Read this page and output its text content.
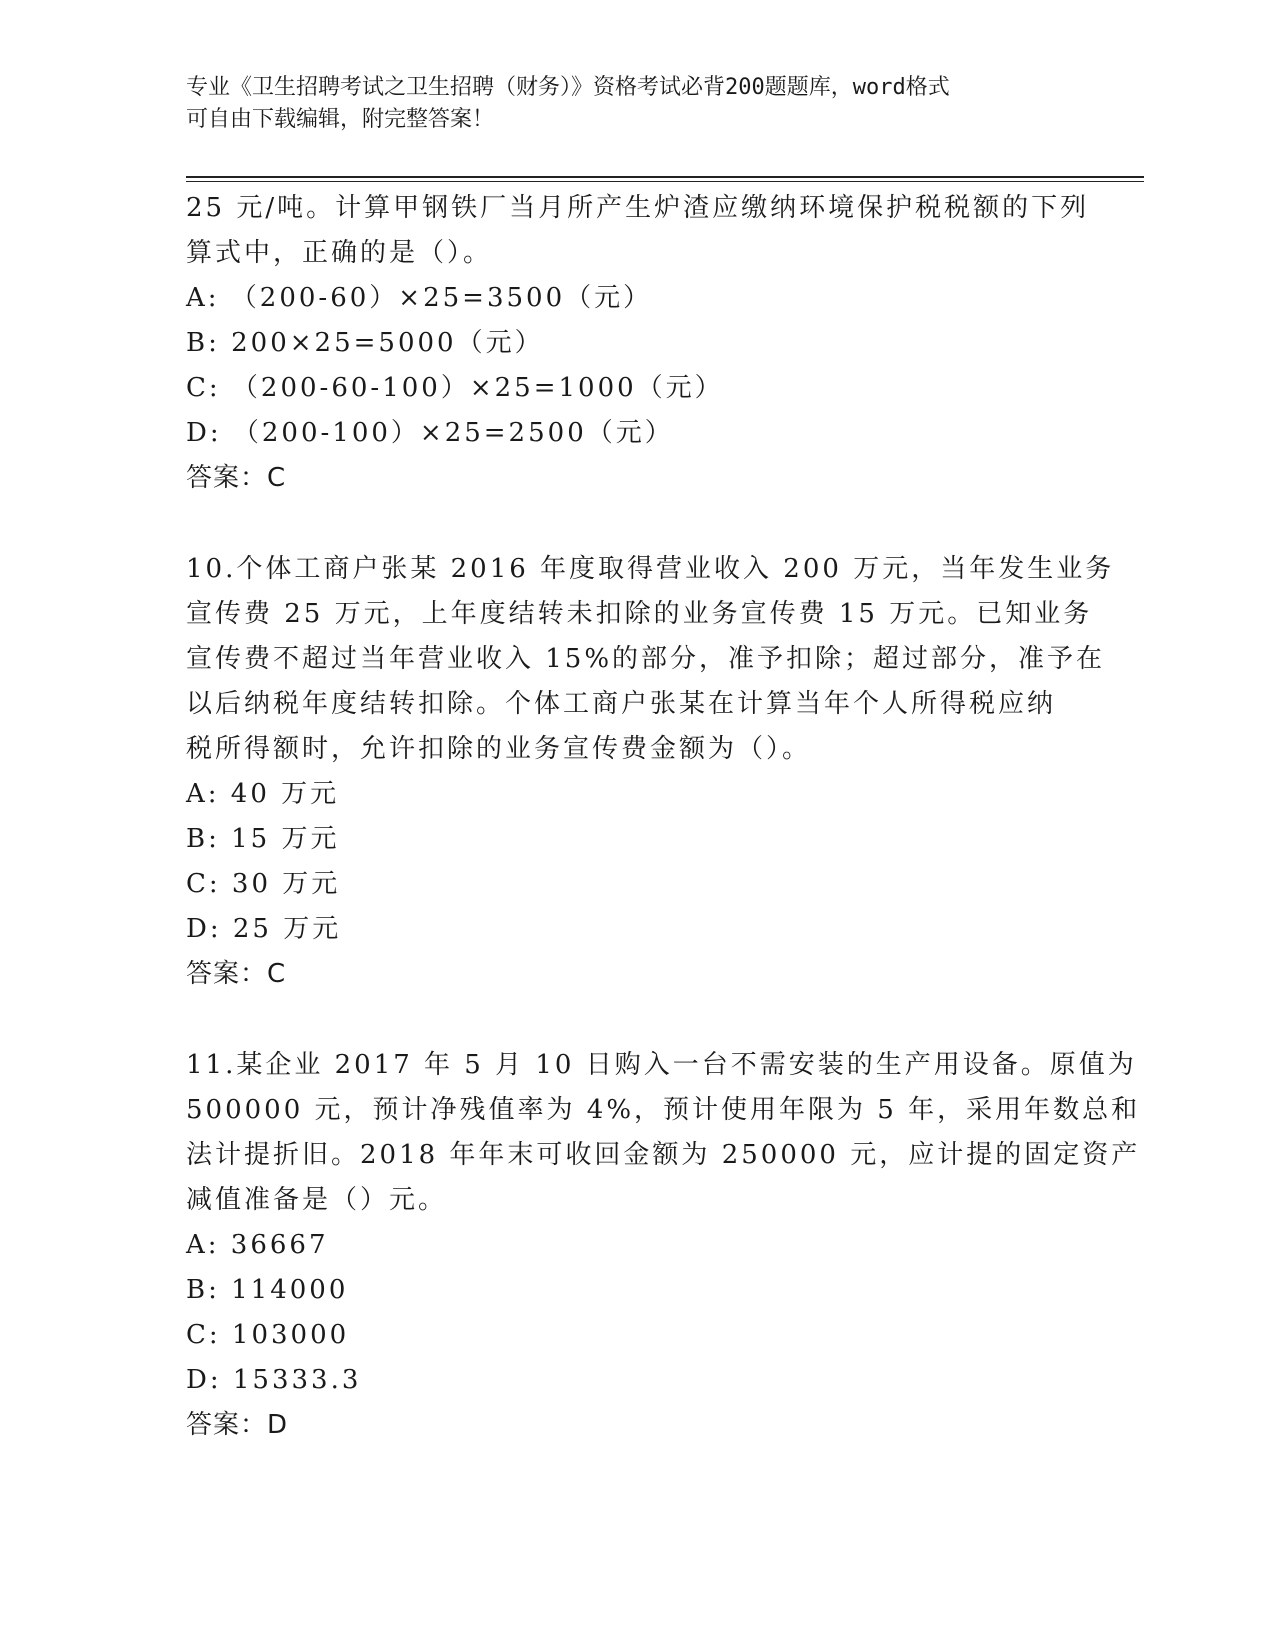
专业《卫生招聘考试之卫生招聘（财务）》资格考试必背200题题库，word格式
可自由下载编辑，附完整答案！
25 元/吨。计算甲钢铁厂当月所产生炉渣应缴纳环境保护税税额的下列
算式中，正确的是（）。
A: （200-60）×25=3500（元）
B: 200×25=5000（元）
C: （200-60-100）×25=1000（元）
D: （200-100）×25=2500（元）
答案：C
10.个体工商户张某 2016 年度取得营业收入 200 万元，当年发生业务
宣传费 25 万元，上年度结转未扣除的业务宣传费 15 万元。已知业务
宣传费不超过当年营业收入 15%的部分，准予扣除；超过部分，准予在
以后纳税年度结转扣除。个体工商户张某在计算当年个人所得税应纳
税所得额时，允许扣除的业务宣传费金额为（）。
A: 40 万元
B: 15 万元
C: 30 万元
D: 25 万元
答案：C
11.某企业 2017 年 5 月 10 日购入一台不需安装的生产用设备。原值为
500000 元，预计净残值率为 4%，预计使用年限为 5 年，采用年数总和
法计提折旧。2018 年年末可收回金额为 250000 元，应计提的固定资产
减值准备是（）元。
A: 36667
B: 114000
C: 103000
D: 15333.3
答案：D
